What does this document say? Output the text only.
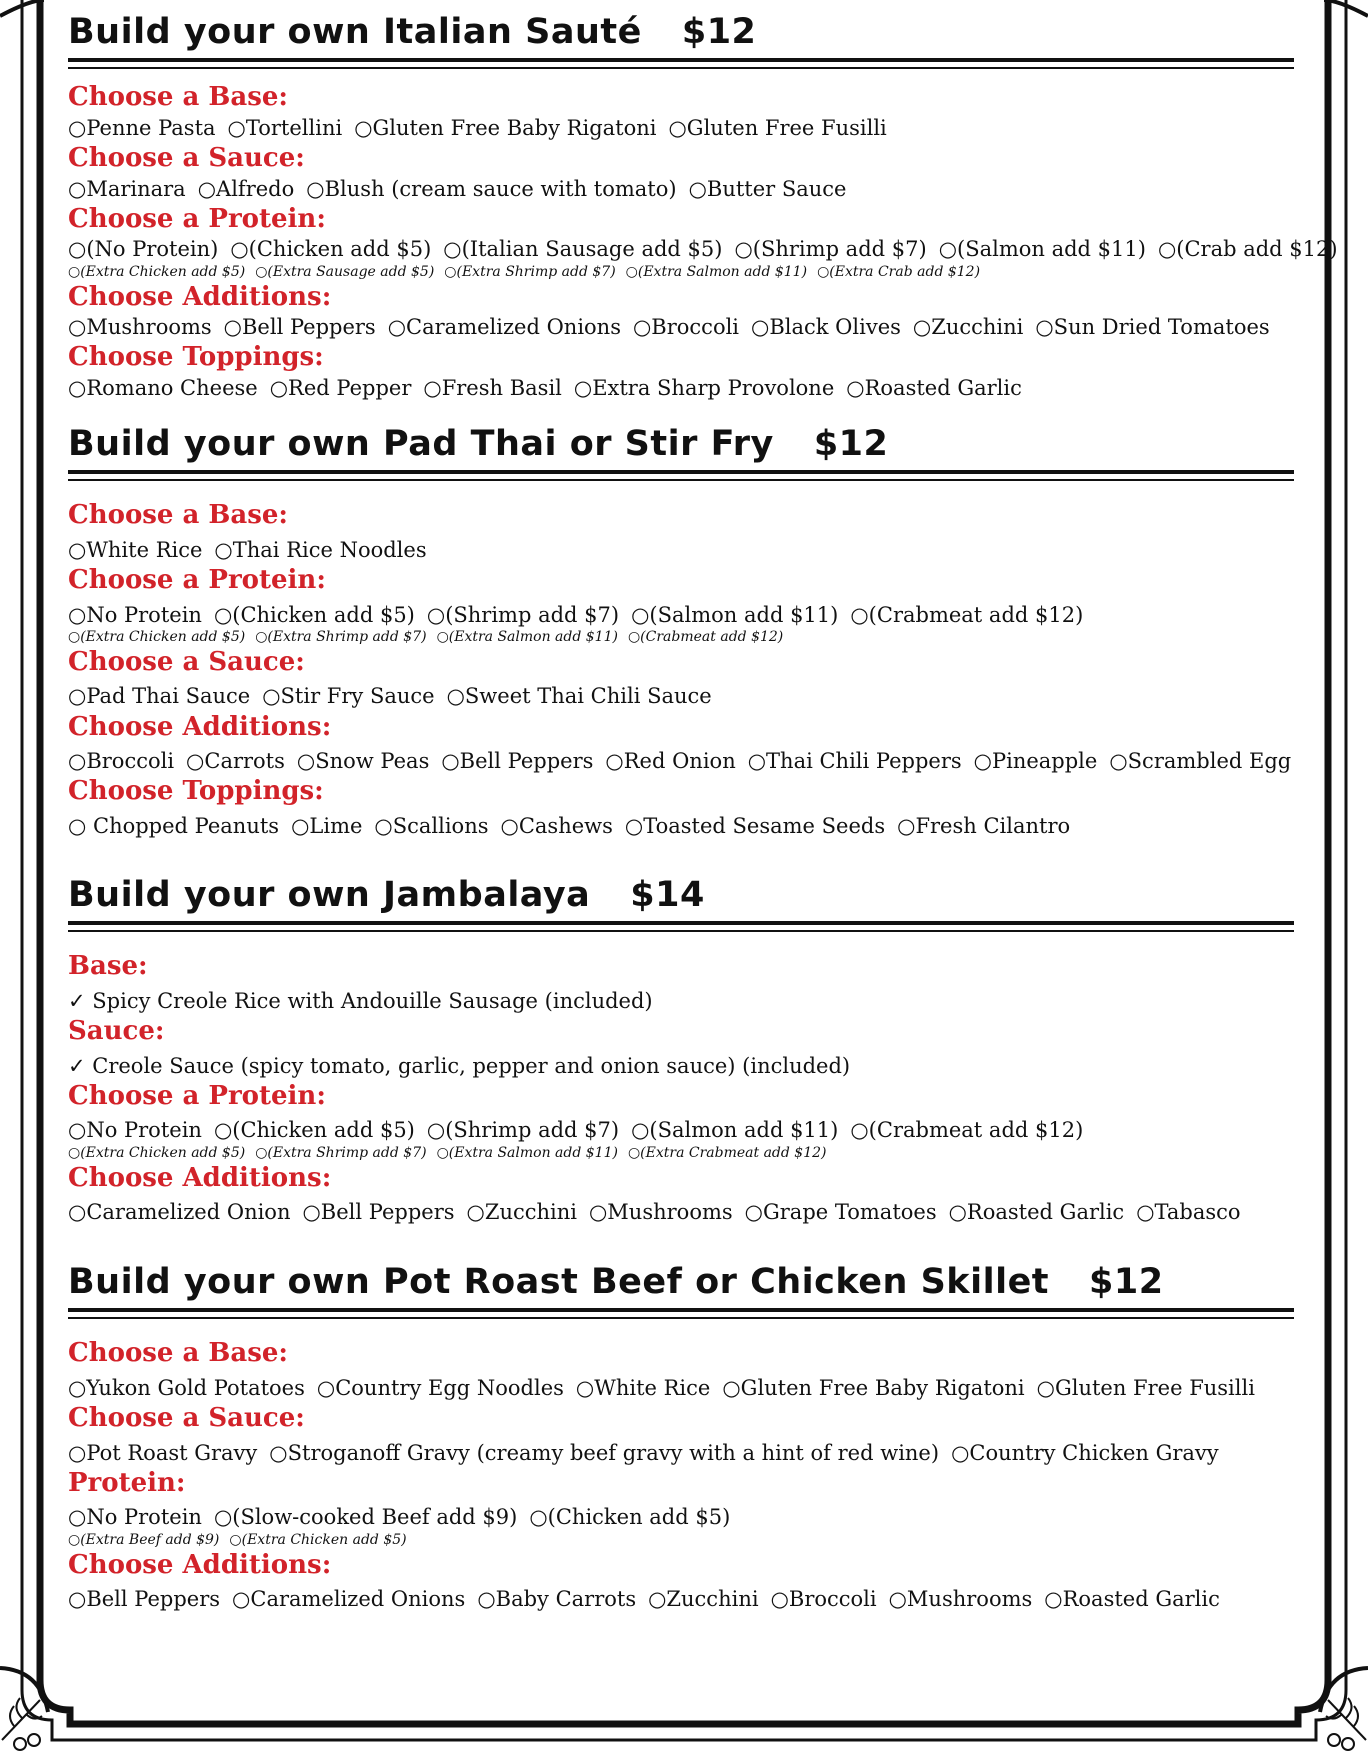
Build your own Italian Sauté $12
Choose a Base:
○Penne Pasta ○Tortellini ○Gluten Free Baby Rigatoni ○Gluten Free Fusilli
Choose a Sauce:
○Marinara ○Alfredo ○Blush (cream sauce with tomato) ○Butter Sauce
Choose a Protein:
○(No Protein) ○(Chicken add $5) ○(Italian Sausage add $5) ○(Shrimp add $7) ○(Salmon add $11) ○(Crab add $12)
○(Extra Chicken add $5) ○(Extra Sausage add $5) ○(Extra Shrimp add $7) ○(Extra Salmon add $11) ○(Extra Crab add $12)
Choose Additions:
○Mushrooms ○Bell Peppers ○Caramelized Onions ○Broccoli ○Black Olives ○Zucchini ○Sun Dried Tomatoes
Choose Toppings:
○Romano Cheese ○Red Pepper ○Fresh Basil ○Extra Sharp Provolone ○Roasted Garlic
Build your own Pad Thai or Stir Fry $12
Choose a Base:
○White Rice ○Thai Rice Noodles
Choose a Protein:
○No Protein ○(Chicken add $5) ○(Shrimp add $7) ○(Salmon add $11) ○(Crabmeat add $12)
○(Extra Chicken add $5) ○(Extra Shrimp add $7) ○(Extra Salmon add $11) ○(Crabmeat add $12)
Choose a Sauce:
○Pad Thai Sauce ○Stir Fry Sauce ○Sweet Thai Chili Sauce
Choose Additions:
○Broccoli ○Carrots ○Snow Peas ○Bell Peppers ○Red Onion ○Thai Chili Peppers ○Pineapple ○Scrambled Egg
Choose Toppings:
○ Chopped Peanuts ○Lime ○Scallions ○Cashews ○Toasted Sesame Seeds ○Fresh Cilantro
Build your own Jambalaya $14
Base:
✓ Spicy Creole Rice with Andouille Sausage (included)
Sauce:
✓ Creole Sauce (spicy tomato, garlic, pepper and onion sauce) (included)
Choose a Protein:
○No Protein ○(Chicken add $5) ○(Shrimp add $7) ○(Salmon add $11) ○(Crabmeat add $12)
○(Extra Chicken add $5) ○(Extra Shrimp add $7) ○(Extra Salmon add $11) ○(Extra Crabmeat add $12)
Choose Additions:
○Caramelized Onion ○Bell Peppers ○Zucchini ○Mushrooms ○Grape Tomatoes ○Roasted Garlic ○Tabasco
Build your own Pot Roast Beef or Chicken Skillet $12
Choose a Base:
○Yukon Gold Potatoes ○Country Egg Noodles ○White Rice ○Gluten Free Baby Rigatoni ○Gluten Free Fusilli
Choose a Sauce:
○Pot Roast Gravy ○Stroganoff Gravy (creamy beef gravy with a hint of red wine) ○Country Chicken Gravy
Protein:
○No Protein ○(Slow-cooked Beef add $9) ○(Chicken add $5)
○(Extra Beef add $9) ○(Extra Chicken add $5)
Choose Additions:
○Bell Peppers ○Caramelized Onions ○Baby Carrots ○Zucchini ○Broccoli ○Mushrooms ○Roasted Garlic
